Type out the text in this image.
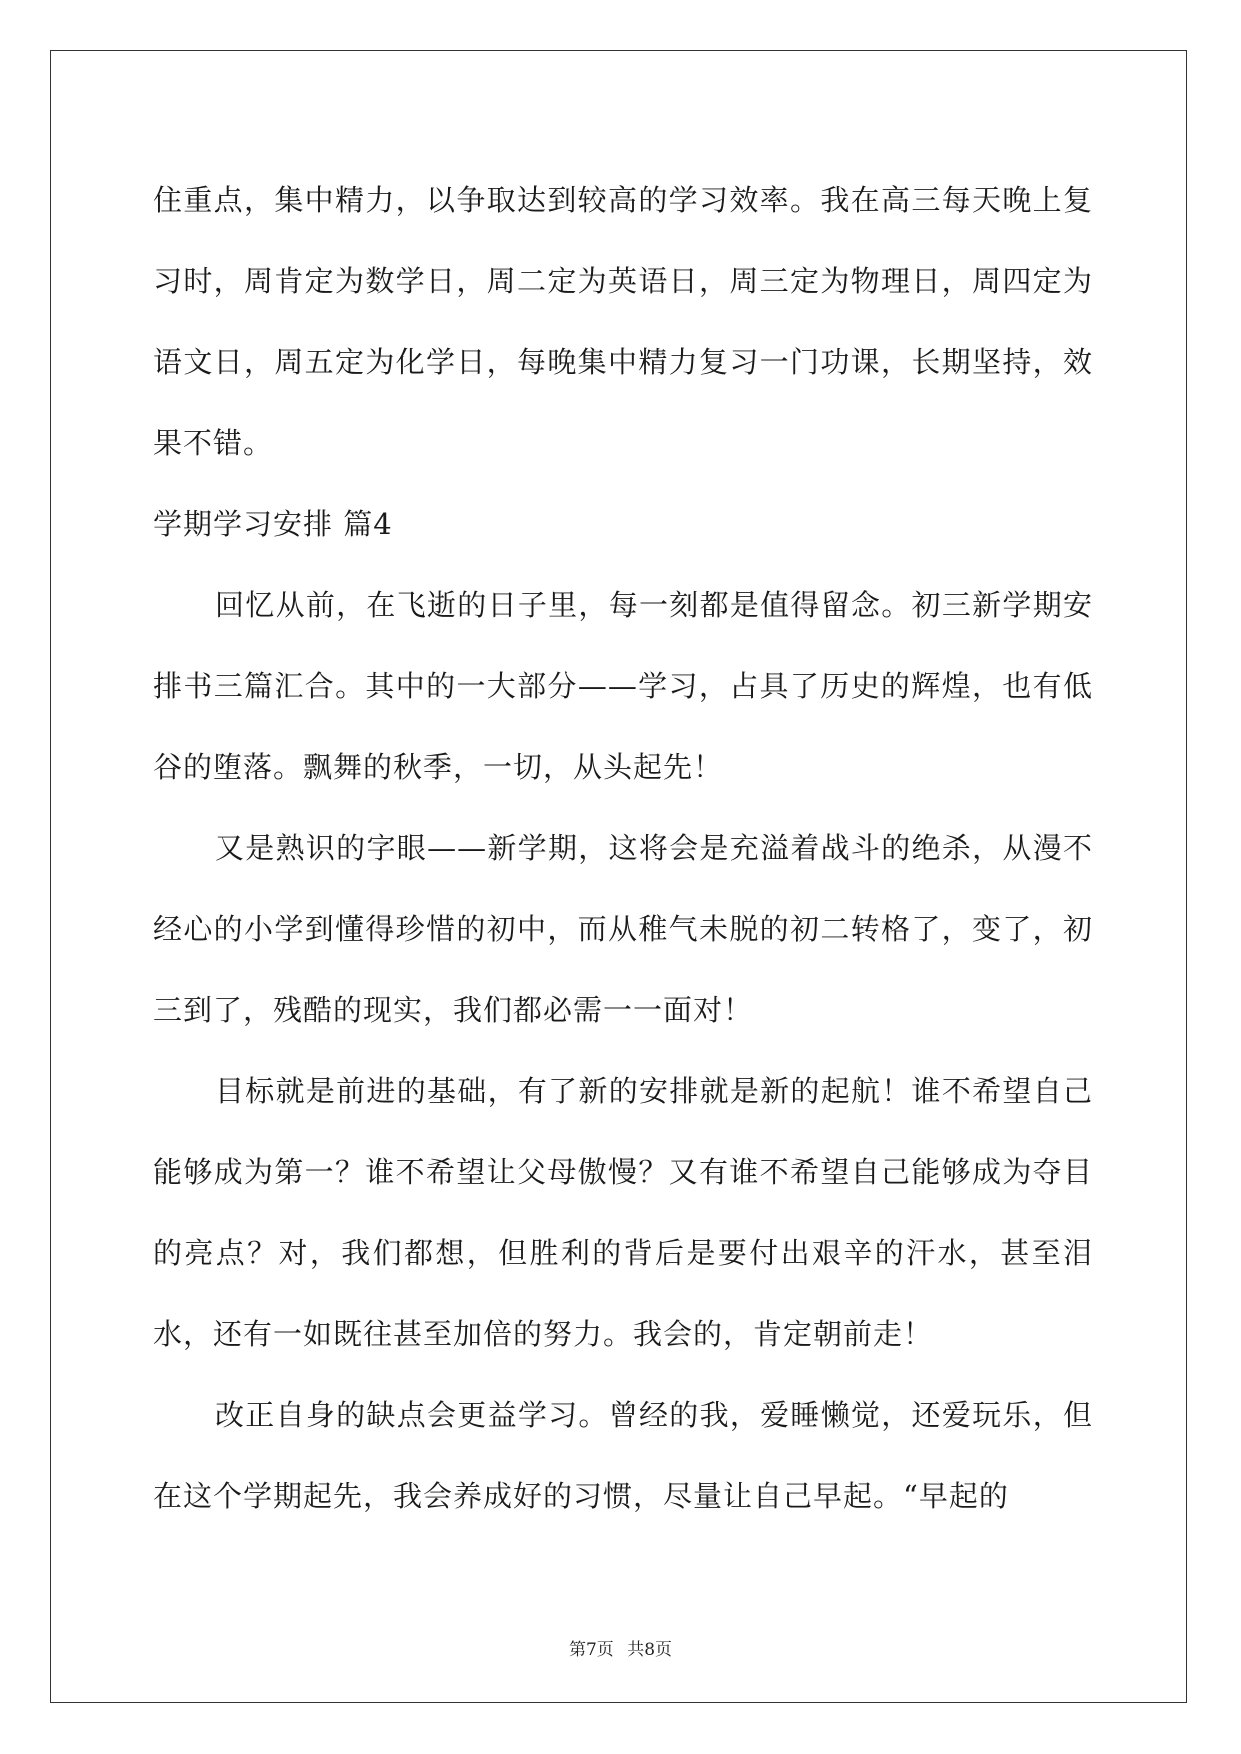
住重点，集中精力，以争取达到较高的学习效率。我在高三每天晚上复习时，周肯定为数学日，周二定为英语日，周三定为物理日，周四定为语文日，周五定为化学日，每晚集中精力复习一门功课，长期坚持，效果不错。

学期学习安排 篇4

回忆从前，在飞逝的日子里，每一刻都是值得留念。初三新学期安排书三篇汇合。其中的一大部分——学习，占具了历史的辉煌，也有低谷的堕落。飘舞的秋季，一切，从头起先！

又是熟识的字眼——新学期，这将会是充溢着战斗的绝杀，从漫不经心的小学到懂得珍惜的初中，而从稚气未脱的初二转格了，变了，初三到了，残酷的现实，我们都必需一一面对！

目标就是前进的基础，有了新的安排就是新的起航！谁不希望自己能够成为第一？谁不希望让父母傲慢？又有谁不希望自己能够成为夺目的亮点？对，我们都想，但胜利的背后是要付出艰辛的汗水，甚至泪水，还有一如既往甚至加倍的努力。我会的，肯定朝前走！

改正自身的缺点会更益学习。曾经的我，爱睡懒觉，还爱玩乐，但在这个学期起先，我会养成好的习惯，尽量让自己早起。“早起的

第7页 共8页
